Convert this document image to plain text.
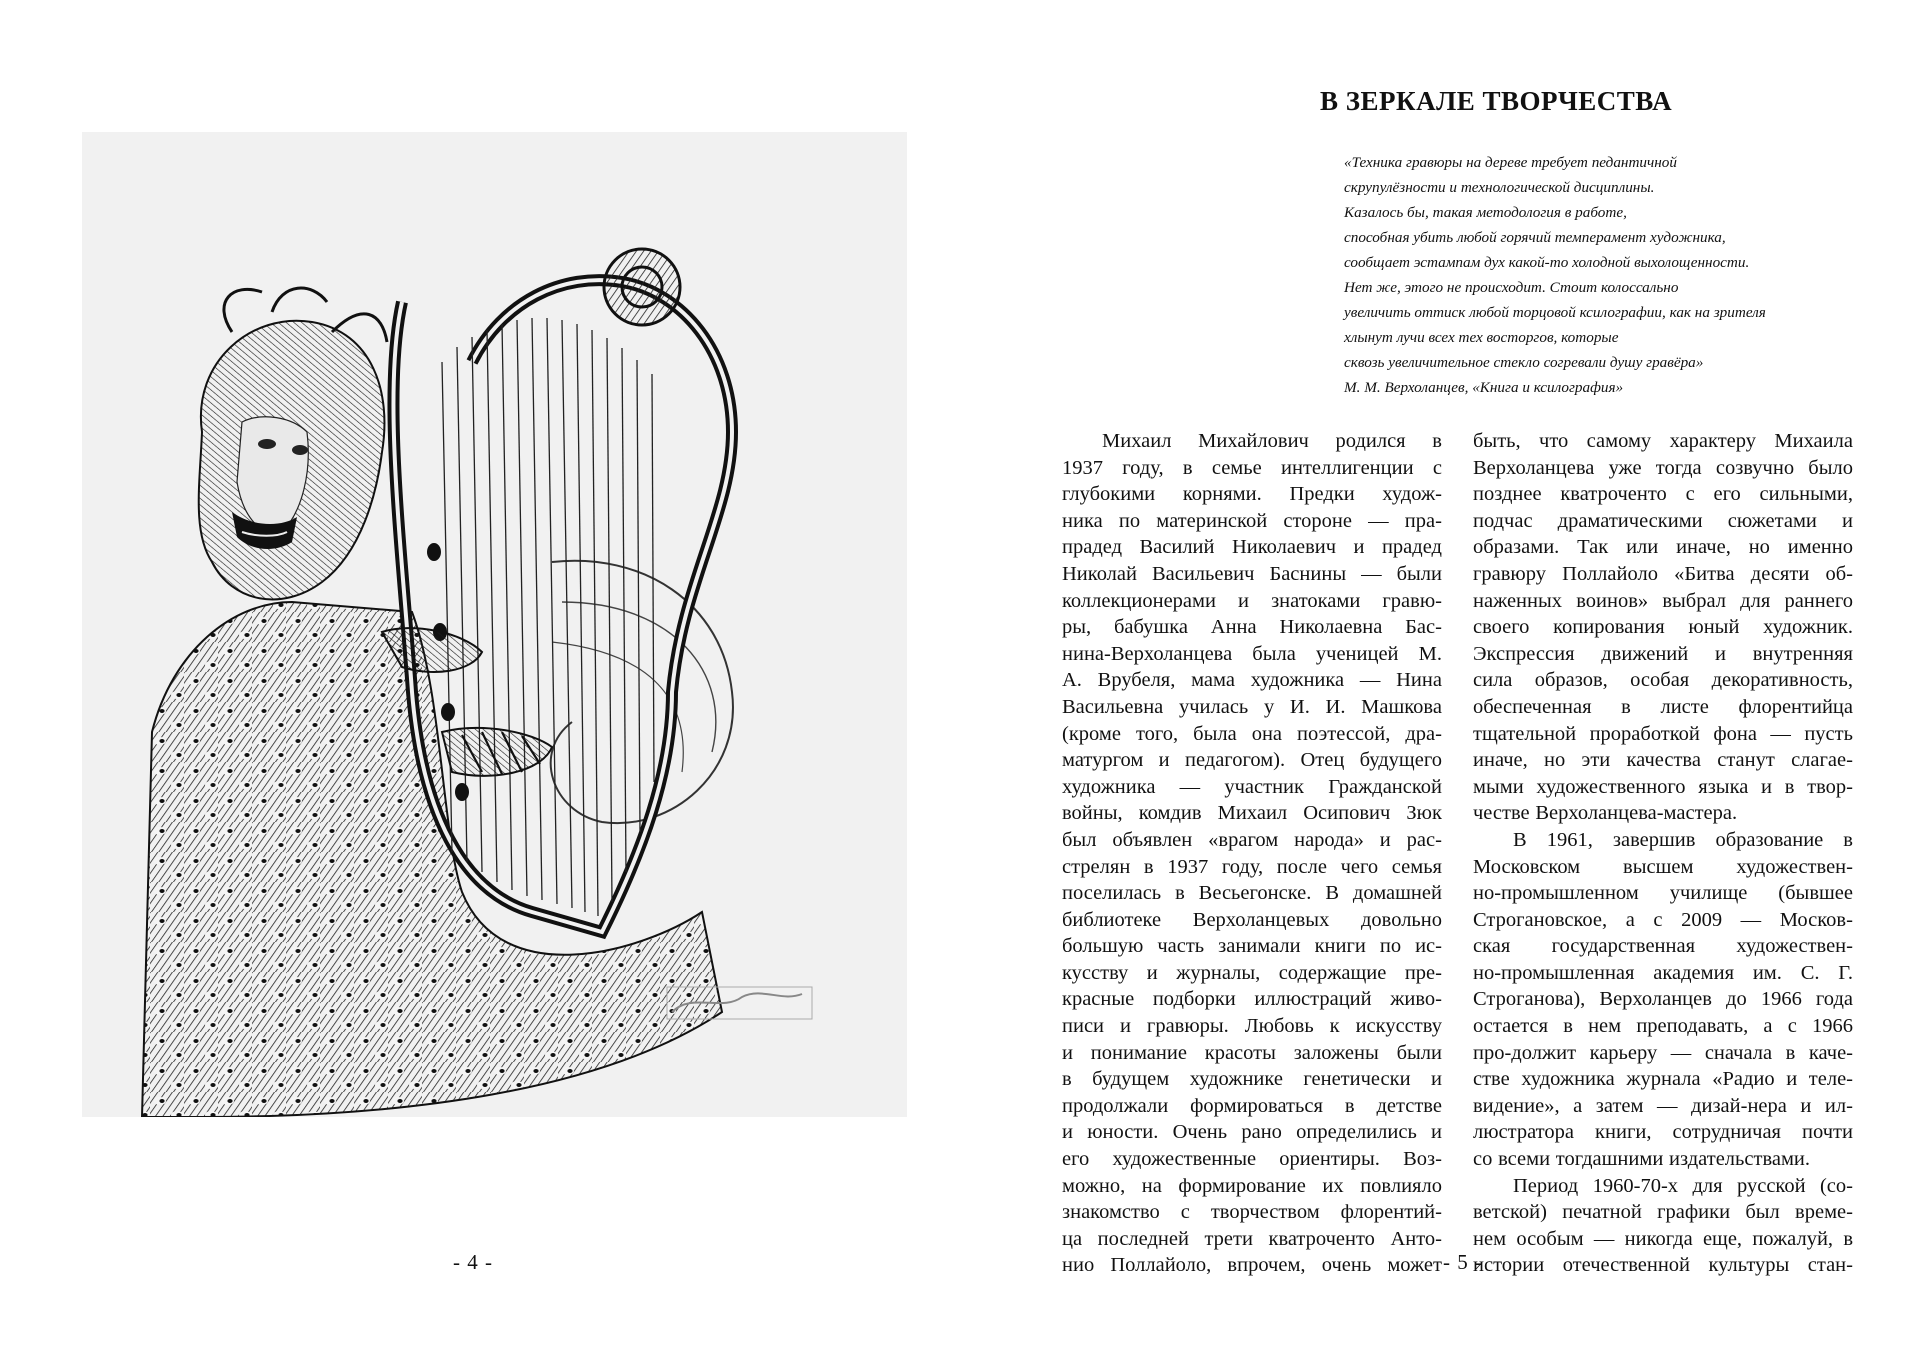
- 4 -
В ЗЕРКАЛЕ ТВОРЧЕСТВА
«Техника гравюры на дереве требует педантичной
скрупулёзности и технологической дисциплины.
Казалось бы, такая методология в работе,
способная убить любой горячий темперамент художника,
сообщает эстампам дух какой-то холодной выхолощенности.
Нет же, этого не происходит. Стоит колоссально
увеличить оттиск любой торцовой ксилографии, как на зрителя
хлынут лучи всех тех восторгов, которые
сквозь увеличительное стекло согревали душу гравёра»
М. М. Верхоланцев, «Книга и ксилография»
Михаил Михайлович родился в
1937 году, в семье интеллигенции с
глубокими корнями. Предки худож-
ника по материнской стороне — пра-
прадед Василий Николаевич и прадед
Николай Васильевич Баснины — были
коллекционерами и знатоками гравю-
ры, бабушка Анна Николаевна Бас-
нина-Верхоланцева была ученицей М.
А. Врубеля, мама художника — Нина
Васильевна училась у И. И. Машкова
(кроме того, была она поэтессой, дра-
матургом и педагогом). Отец будущего
художника — участник Гражданской
войны, комдив Михаил Осипович Зюк
был объявлен «врагом народа» и рас-
стрелян в 1937 году, после чего семья
поселилась в Весьегонске. В домашней
библиотеке Верхоланцевых довольно
большую часть занимали книги по ис-
кусству и журналы, содержащие пре-
красные подборки иллюстраций живо-
писи и гравюры. Любовь к искусству
и понимание красоты заложены были
в будущем художнике генетически и
продолжали формироваться в детстве
и юности. Очень рано определились и
его художественные ориентиры. Воз-
можно, на формирование их повлияло
знакомство с творчеством флорентий-
ца последней трети кватроченто Анто-
нио Поллайоло, впрочем, очень может
быть, что самому характеру Михаила
Верхоланцева уже тогда созвучно было
позднее кватроченто с его сильными,
подчас драматическими сюжетами и
образами. Так или иначе, но именно
гравюру Поллайоло «Битва десяти об-
наженных воинов» выбрал для раннего
своего копирования юный художник.
Экспрессия движений и внутренняя
сила образов, особая декоративность,
обеспеченная в листе флорентийца
тщательной проработкой фона — пусть
иначе, но эти качества станут слагае-
мыми художественного языка и в твор-
честве Верхоланцева-мастера.
В 1961, завершив образование в
Московском высшем художествен-
но-промышленном училище (бывшее
Строгановское, а с 2009 — Москов-
ская государственная художествен-
но-промышленная академия им. С. Г.
Строганова), Верхоланцев до 1966 года
остается в нем преподавать, а с 1966
про-должит карьеру — сначала в каче-
стве художника журнала «Радио и теле-
видение», а затем — дизай-нера и ил-
люстратора книги, сотрудничая почти
со всеми тогдашними издательствами.
Период 1960-70-х для русской (со-
ветской) печатной графики был време-
нем особым — никогда еще, пожалуй, в
истории отечественной культуры стан-
- 5 -
